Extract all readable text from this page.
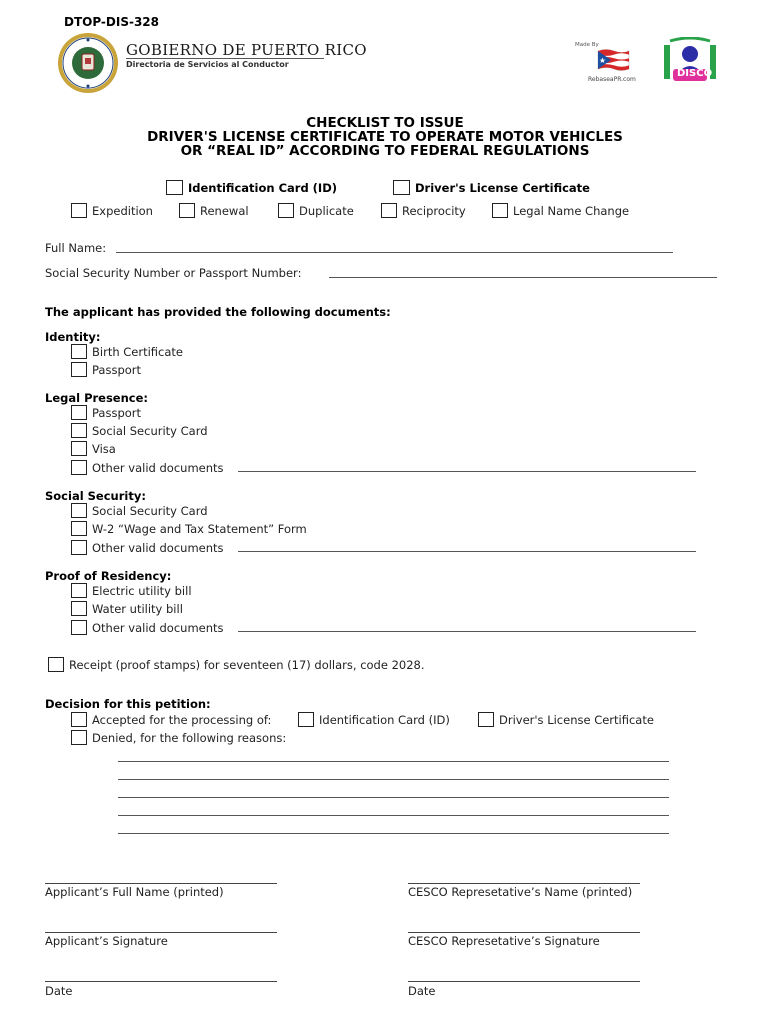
DTOP-DIS-328
GOBIERNO DE PUERTO RICO
Directoria de Servicios al Conductor
Made By
RebaseaPR.com
DISCO
CHECKLIST TO ISSUE
DRIVER'S LICENSE CERTIFICATE TO OPERATE MOTOR VEHICLES
OR “REAL ID” ACCORDING TO FEDERAL REGULATIONS
Identification Card (ID)	Driver's License Certificate
Expedition	Renewal	Duplicate	Reciprocity	Legal Name Change
Full Name:
Social Security Number or Passport Number:
The applicant has provided the following documents:
Identity:
Birth Certificate
Passport
Legal Presence:
Passport
Social Security Card
Visa
Other valid documents
Social Security:
Social Security Card
W-2 “Wage and Tax Statement” Form
Other valid documents
Proof of Residency:
Electric utility bill
Water utility bill
Other valid documents
Receipt (proof stamps) for seventeen (17) dollars, code 2028.
Decision for this petition:
Accepted for the processing of:	Identification Card (ID)	Driver's License Certificate
Denied, for the following reasons:
Applicant’s Full Name (printed)	CESCO Represetative’s Name (printed)
Applicant’s Signature	CESCO Represetative’s Signature
Date	Date
